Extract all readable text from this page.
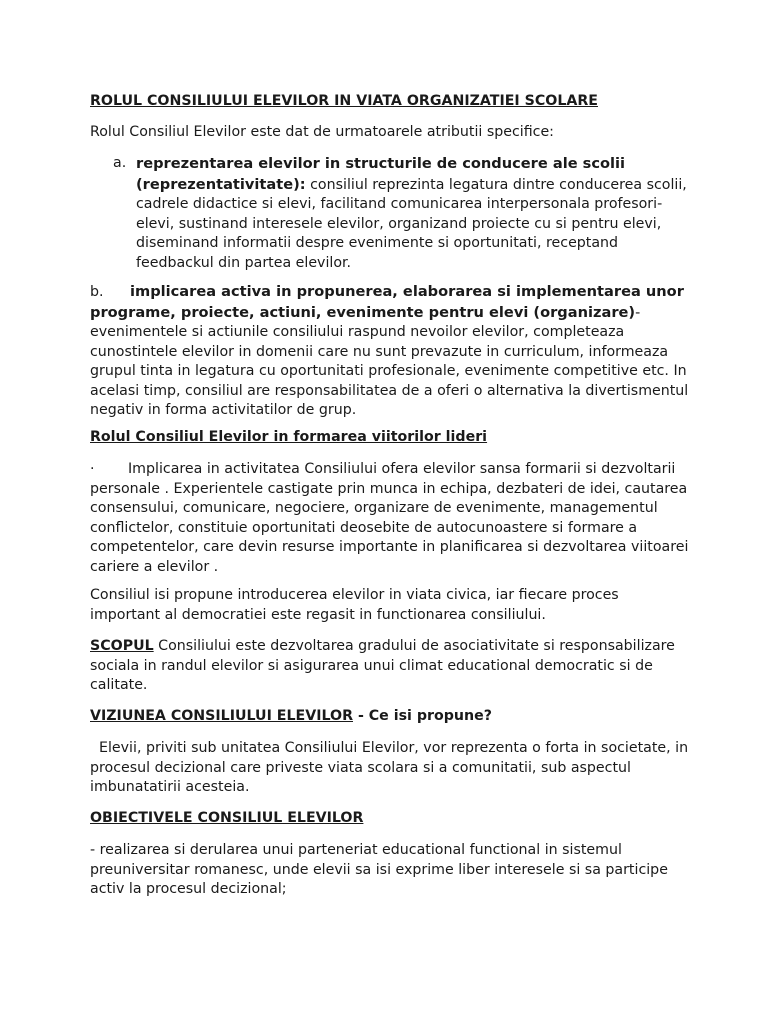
ROLUL CONSILIULUI ELEVILOR IN VIATA ORGANIZATIEI SCOLARE

Rolul Consiliul Elevilor este dat de urmatoarele atributii specifice:

a. reprezentarea elevilor in structurile de conducere ale scolii (reprezentativitate): consiliul reprezinta legatura dintre conducerea scolii, cadrele didactice si elevi, facilitand comunicarea interpersonala profesori-elevi, sustinand interesele elevilor, organizand proiecte cu si pentru elevi, diseminand informatii despre evenimente si oportunitati, receptand feedbackul din partea elevilor.

b. implicarea activa in propunerea, elaborarea si implementarea unor programe, proiecte, actiuni, evenimente pentru elevi (organizare)-evenimentele si actiunile consiliului raspund nevoilor elevilor, completeaza cunostintele elevilor in domenii care nu sunt prevazute in curriculum, informeaza grupul tinta in legatura cu oportunitati profesionale, evenimente competitive etc. In acelasi timp, consiliul are responsabilitatea de a oferi o alternativa la divertismentul negativ in forma activitatilor de grup.

Rolul Consiliul Elevilor in formarea viitorilor lideri

· Implicarea in activitatea Consiliului ofera elevilor sansa formarii si dezvoltarii personale . Experientele castigate prin munca in echipa, dezbateri de idei, cautarea consensului, comunicare, negociere, organizare de evenimente, managementul conflictelor, constituie oportunitati deosebite de autocunoastere si formare a competentelor, care devin resurse importante in planificarea si dezvoltarea viitoarei cariere a elevilor .

Consiliul isi propune introducerea elevilor in viata civica, iar fiecare proces important al democratiei este regasit in functionarea consiliului.

SCOPUL Consiliului este dezvoltarea gradului de asociativitate si responsabilizare sociala in randul elevilor si asigurarea unui climat educational democratic si de calitate.

VIZIUNEA CONSILIULUI ELEVILOR - Ce isi propune?

Elevii, priviti sub unitatea Consiliului Elevilor, vor reprezenta o forta in societate, in procesul decizional care priveste viata scolara si a comunitatii, sub aspectul imbunatatirii acesteia.

OBIECTIVELE CONSILIUL ELEVILOR

- realizarea si derularea unui parteneriat educational functional in sistemul preuniversitar romanesc, unde elevii sa isi exprime liber interesele si sa participe activ la procesul decizional;
